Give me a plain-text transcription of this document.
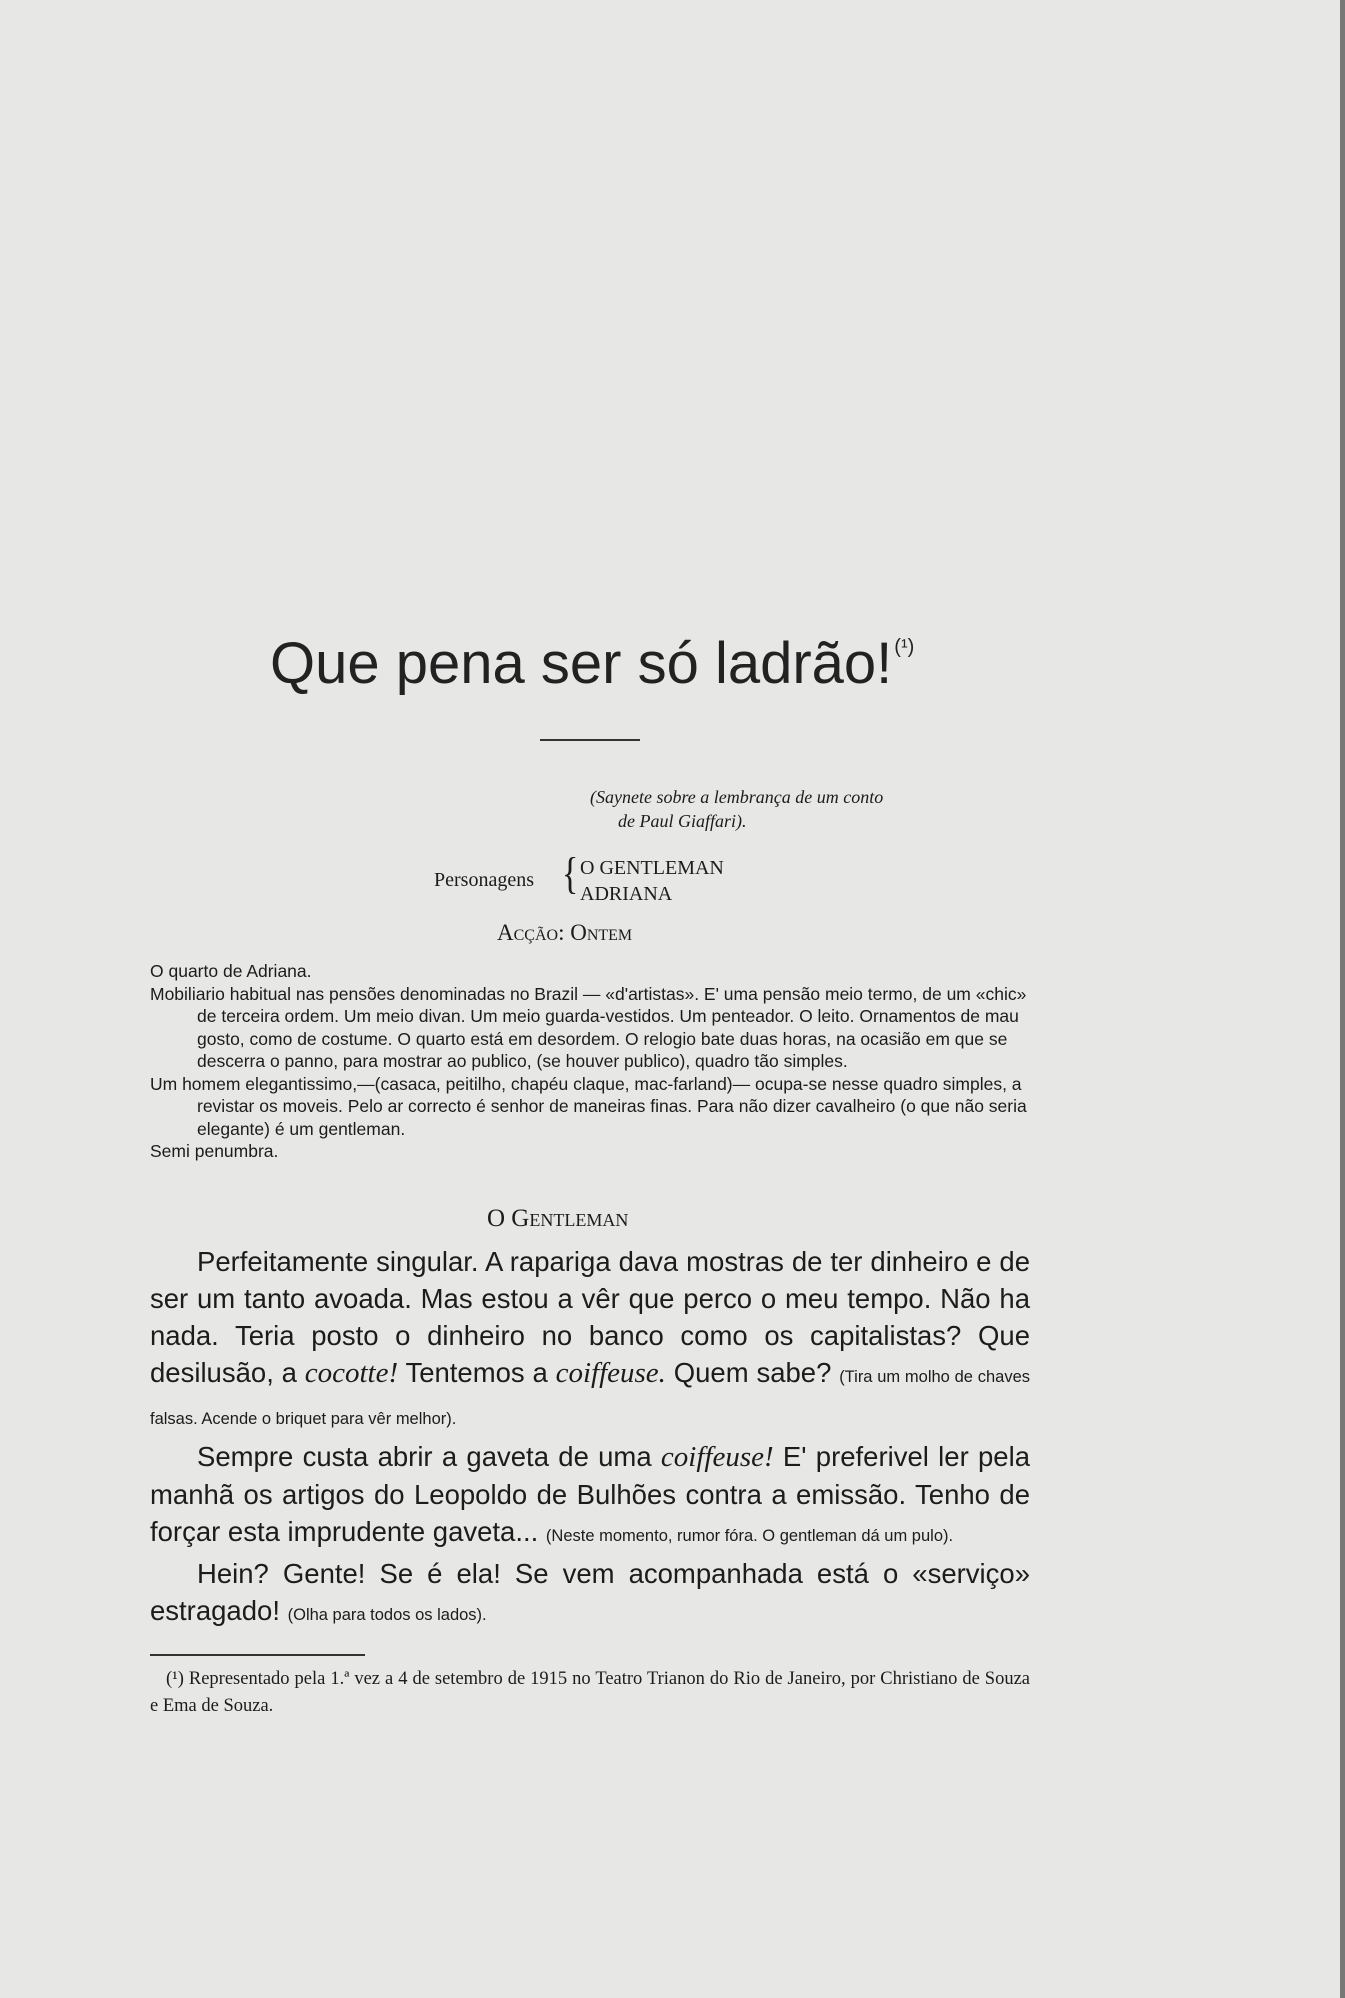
Que pena ser só ladrão! $^{(^1)}$
(Saynete sobre a lembrança de um conto
de Paul Giaffari).
Personagens { O GENTLEMAN
ADRIANA
Acção: Ontem

O quarto de Adriana.

Mobiliario habitual nas pensões denominadas no Brazil — «d'artistas». E' uma pensão meio termo, de um «chic» de terceira ordem. Um meio divan. Um meio guarda-vestidos. Um penteador. O leito. Ornamentos de mau gosto, como de costume. O quarto está em desordem. O relogio bate duas horas, na ocasião em que se descerra o panno, para mostrar ao publico, (se houver publico), quadro tão simples.

Um homem elegantissimo,—(casaca, peitilho, chapéu claque, mac-farland)— ocupa-se nesse quadro simples, a revistar os moveis. Pelo ar correcto é senhor de maneiras finas. Para não dizer cavalheiro (o que não seria elegante) é um gentleman.

Semi penumbra.

O Gentleman

Perfeitamente singular. A rapariga dava mostras de ter dinheiro e de ser um tanto avoada. Mas estou a vêr que perco o meu tempo. Não ha nada. Teria posto o dinheiro no banco como os capitalistas? Que desilusão, a cocotte! Tentemos a coiffeuse. Quem sabe? (Tira um molho de chaves falsas. Acende o briquet para vêr melhor).

Sempre custa abrir a gaveta de uma coiffeuse! E' preferivel ler pela manhã os artigos do Leopoldo de Bulhões contra a emissão. Tenho de forçar esta imprudente gaveta... (Neste momento, rumor fóra. O gentleman dá um pulo).

Hein? Gente! Se é ela! Se vem acompanhada está o «serviço» estragado! (Olha para todos os lados).

(¹) Representado pela 1.ª vez a 4 de setembro de 1915 no Teatro Trianon do Rio de Janeiro, por Christiano de Souza e Ema de Souza.
